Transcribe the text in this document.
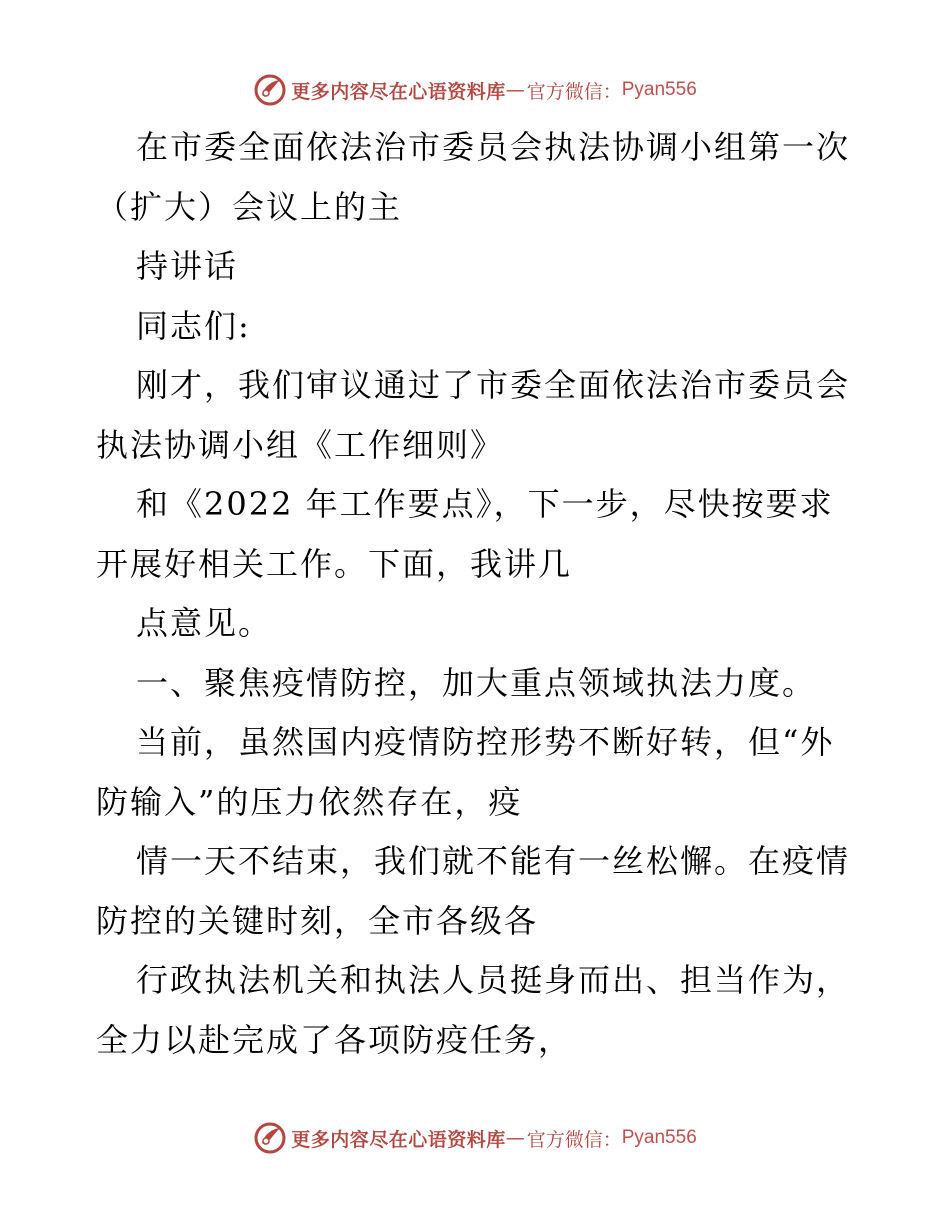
更多内容尽在心语资料库 — 官方微信： Pyan556
在市委全面依法治市委员会执法协调小组第一次
（扩大）会议上的主
持讲话
同志们:
刚才，我们审议通过了市委全面依法治市委员会
执法协调小组《工作细则》
和《2022 年工作要点》，下一步，尽快按要求
开展好相关工作。下面，我讲几
点意见。
一、聚焦疫情防控，加大重点领域执法力度。
当前，虽然国内疫情防控形势不断好转，但“外
防输入”的压力依然存在，疫
情一天不结束，我们就不能有一丝松懈。在疫情
防控的关键时刻，全市各级各
行政执法机关和执法人员挺身而出、担当作为，
全力以赴完成了各项防疫任务，
更多内容尽在心语资料库 — 官方微信： Pyan556
